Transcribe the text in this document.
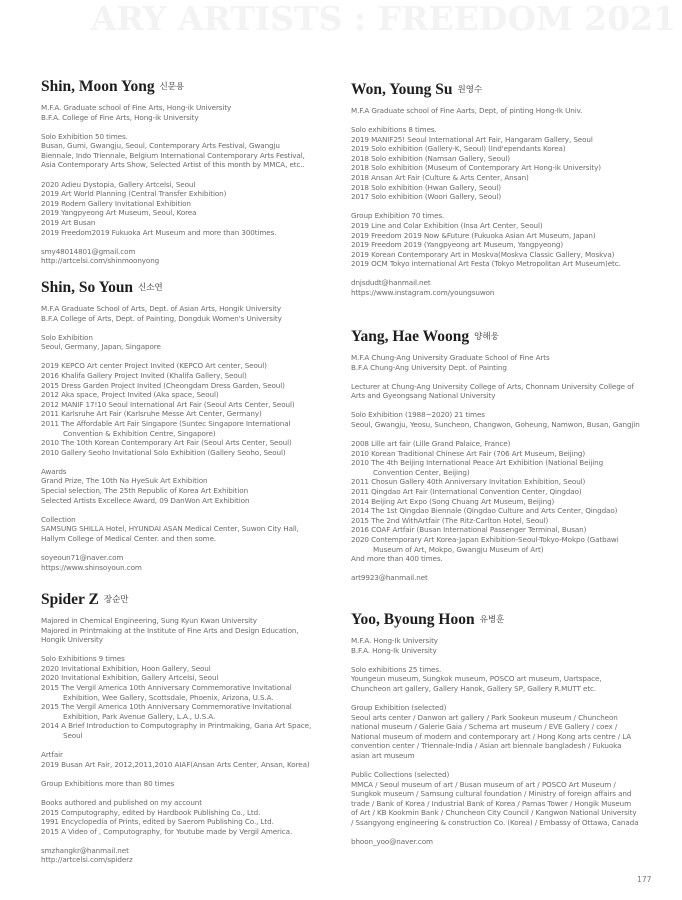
ARY ARTISTS : FREEDOM 2021
Shin, Moon Yong 신문용
M.F.A. Graduate school of Fine Arts, Hong-ik University
B.F.A. College of Fine Arts, Hong-ik University
Solo Exhibition 50 times.
Busan, Gumi, Gwangju, Seoul, Contemporary Arts Festival, Gwangju
Biennale, Indo Triennale, Belgium International Contemporary Arts Festival,
Asia Contemporary Arts Show, Selected Artist of this month by MMCA, etc..
2020 Adieu Dystopia, Gallery Artcelsi, Seoul
2019 Art World Planning (Central Transfer Exhibition)
2019 Rodem Gallery Invitational Exhibition
2019 Yangpyeong Art Museum, Seoul, Korea
2019 Art Busan
2019 Freedom2019 Fukuoka Art Museum and more than 300times.
smy48014801@gmail.com
http://artcelsi.com/shinmoonyong
Shin, So Youn 신소연
M.F.A Graduate School of Arts, Dept. of Asian Arts, Hongik University
B.F.A College of Arts, Dept. of Painting, Dongduk Women's University
Solo Exhibition
Seoul, Germany, Japan, Singapore
2019 KEPCO Art center Project Invited (KEPCO Art center, Seoul)
2016 Khalifa Gallery Project Invited (Khalifa Gallery, Seoul)
2015 Dress Garden Project Invited (Cheongdam Dress Garden, Seoul)
2012 Aka space, Project Invited (Aka space, Seoul)
2012 MANIF 17!10 Seoul International Art Fair (Seoul Arts Center, Seoul)
2011 Karlsruhe Art Fair (Karlsruhe Messe Art Center, Germany)
2011 The Affordable Art Fair Singapore (Suntec Singapore International
Convention & Exhibition Centre, Singapore)
2010 The 10th Korean Contemporary Art Fair (Seoul Arts Center, Seoul)
2010 Gallery Seoho Invitational Solo Exhibition (Gallery Seoho, Seoul)
Awards
Grand Prize, The 10th Na HyeSuk Art Exhibition
Special selection, The 25th Republic of Korea Art Exhibition
Selected Artists Excellece Award, 09 DanWon Art Exhibition
Collection
SAMSUNG SHILLA Hotel, HYUNDAI ASAN Medical Center, Suwon City Hall,
Hallym College of Medical Center. and then some.
soyeoun71@naver.com
https://www.shinsoyoun.com
Spider Z 장순만
Majored in Chemical Engineering, Sung Kyun Kwan University
Majored in Printmaking at the Institute of Fine Arts and Design Education,
Hongik University
Solo Exhibitions 9 times
2020 Invitational Exhibition, Hoon Gallery, Seoul
2020 Invitational Exhibition, Gallery Artcelsi, Seoul
2015 The Vergil America 10th Anniversary Commemorative Invitational
Exhibition, Wee Gallery, Scottsdale, Phoenix, Arizona, U.S.A.
2015 The Vergil America 10th Anniversary Commemorative Invitational
Exhibition, Park Avenue Gallery, L.A., U.S.A.
2014 A Brief Introduction to Computography in Printmaking, Gana Art Space,
Seoul
Artfair
2019 Busan Art Fair, 2012,2011,2010 AIAF(Ansan Arts Center, Ansan, Korea)
Group Exhibitions more than 80 times
Books authored and published on my account
2015 Computography, edited by Hardbook Publishing Co., Ltd.
1991 Encyclopedia of Prints, edited by Saerom Publishing Co., Ltd.
2015 A Video of , Computography, for Youtube made by Vergil America.
smzhangkr@hanmail.net
http://artcelsi.com/spiderz
Won, Young Su 원영수
M.F.A Graduate school of Fine Aarts, Dept, of pinting Hong-Ik Univ.
Solo exhibitions 8 times.
2019 MANIF25! Seoul International Art Fair, Hangaram Gallery, Seoul
2019 Solo exhibition (Gallery-K, Seoul) (Ind'ependants Korea)
2018 Solo exhibition (Namsan Gallery, Seoul)
2018 Solo exhibition (Museum of Contemporary Art Hong-ik University)
2018 Ansan Art Fair (Culture & Arts Center, Ansan)
2018 Solo exhibition (Hwan Gallery, Seoul)
2017 Solo exhibition (Woori Gallery, Seoul)
Group Exhibition 70 times.
2019 Line and Colar Exhibition (Insa Art Center, Seoul)
2019 Freedom 2019 Now &Future (Fukuoka Asian Art Museum, Japan)
2019 Freedom 2019 (Yangpyeong art Museum, Yangpyeong)
2019 Korean Contemporary Art in Moskva(Moskva Classic Gallery, Moskva)
2019 OCM Tokyo international Art Festa (Tokyo Metropolitan Art Museum)etc.
dnjsdudt@hanmail.net
https://www.instagram.com/youngsuwon
Yang, Hae Woong 양해웅
M.F.A Chung-Ang University Graduate School of Fine Arts
B.F.A Chung-Ang University Dept. of Painting
Lecturer at Chung-Ang University College of Arts, Chonnam University College of
Arts and Gyeongsang National University
Solo Exhibition (1988~2020) 21 times
Seoul, Gwangju, Yeosu, Suncheon, Changwon, Goheung, Namwon, Busan, Gangjin
2008 Lille art fair (Lille Grand Palaice, France)
2010 Korean Traditional Chinese Art Fair (706 Art Museum, Beijing)
2010 The 4th Beijing International Peace Art Exhibition (National Beijing
Convention Center, Beijing)
2011 Chosun Gallery 40th Anniversary Invitation Exhibition, Seoul)
2011 Qingdao Art Fair (International Convention Center, Qingdao)
2014 Beijing Art Expo (Song Chuang Art Museum, Beijing)
2014 The 1st Qingdao Biennale (Qingdao Culture and Arts Center, Qingdao)
2015 The 2nd WithArtfair (The Ritz-Carlton Hotel, Seoul)
2016 COAF Artfair (Busan International Passenger Terminal, Busan)
2020 Contemporary Art Korea-Japan Exhibition-Seoul-Tokyo-Mokpo (Gatbawi
Museum of Art, Mokpo, Gwangju Museum of Art)
And more than 400 times.
art9923@hanmail.net
Yoo, Byoung Hoon 유병훈
M.F.A. Hong-Ik University
B.F.A. Hong-Ik University
Solo exhibitions 25 times.
Youngeun museum, Sungkok museum, POSCO art museum, Uartspace,
Chuncheon art gallery, Gallery Hanok, Gallery SP, Gallery R.MUTT etc.
Group Exhibition (selected)
Seoul arts center / Danwon art gallery / Park Sookeun museum / Chuncheon
national museum / Galerie Gaia / Schema art museum / EVE Gallery / coex /
National museum of modern and contemporary art / Hong Kong arts centre / LA
convention center / Triennale-India / Asian art biennale bangladesh / Fukuoka
asian art museum
Public Collections (selected)
MMCA / Seoul museum of art / Busan museum of art / POSCO Art Museum /
Sungkok museum / Samsung cultural foundation / Ministry of foreign affairs and
trade / Bank of Korea / Industrial Bank of Korea / Parnas Tower / Hongik Museum
of Art / KB Kookmin Bank / Chuncheon City Council / Kangwon National University
/ Ssangyong engineering & construction Co. (Korea) / Embassy of Ottawa, Canada
bhoon_yoo@naver.com
177
